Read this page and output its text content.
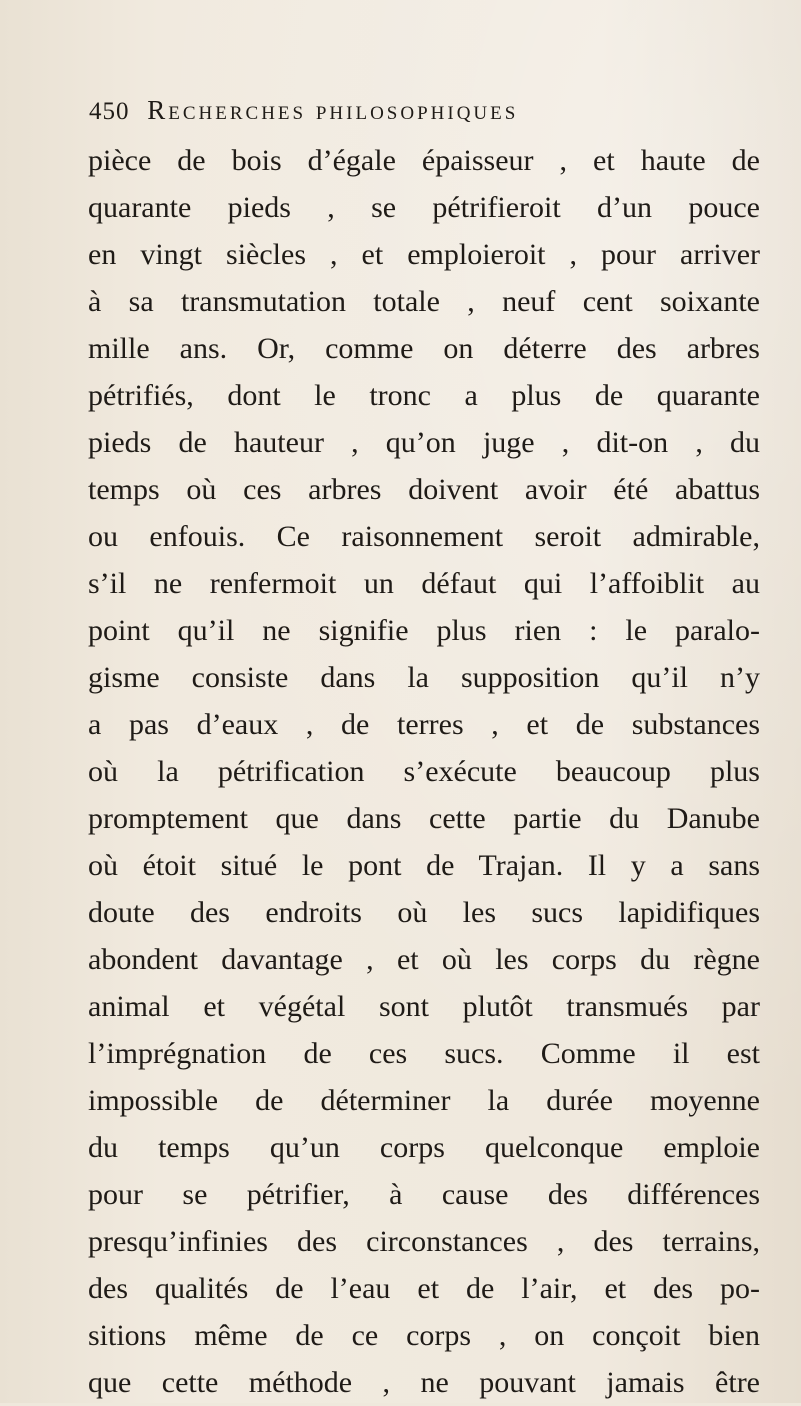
450 Recherches philosophiques
pièce de bois d’égale épaisseur , et haute de
quarante pieds , se pétrifieroit d’un pouce
en vingt siècles , et emploieroit , pour arriver
à sa transmutation totale , neuf cent soixante
mille ans. Or, comme on déterre des arbres
pétrifiés, dont le tronc a plus de quarante
pieds de hauteur , qu’on juge , dit-on , du
temps où ces arbres doivent avoir été abattus
ou enfouis. Ce raisonnement seroit admirable,
s’il ne renfermoit un défaut qui l’affoiblit au
point qu’il ne signifie plus rien : le paralo-
gisme consiste dans la supposition qu’il n’y
a pas d’eaux , de terres , et de substances
où la pétrification s’exécute beaucoup plus
promptement que dans cette partie du Danube
où étoit situé le pont de Trajan. Il y a sans
doute des endroits où les sucs lapidifiques
abondent davantage , et où les corps du règne
animal et végétal sont plutôt transmués par
l’imprégnation de ces sucs. Comme il est
impossible de déterminer la durée moyenne
du temps qu’un corps quelconque emploie
pour se pétrifier, à cause des différences
presqu’infinies des circonstances , des terrains,
des qualités de l’eau et de l’air, et des po-
sitions même de ce corps , on conçoit bien
que cette méthode , ne pouvant jamais être
